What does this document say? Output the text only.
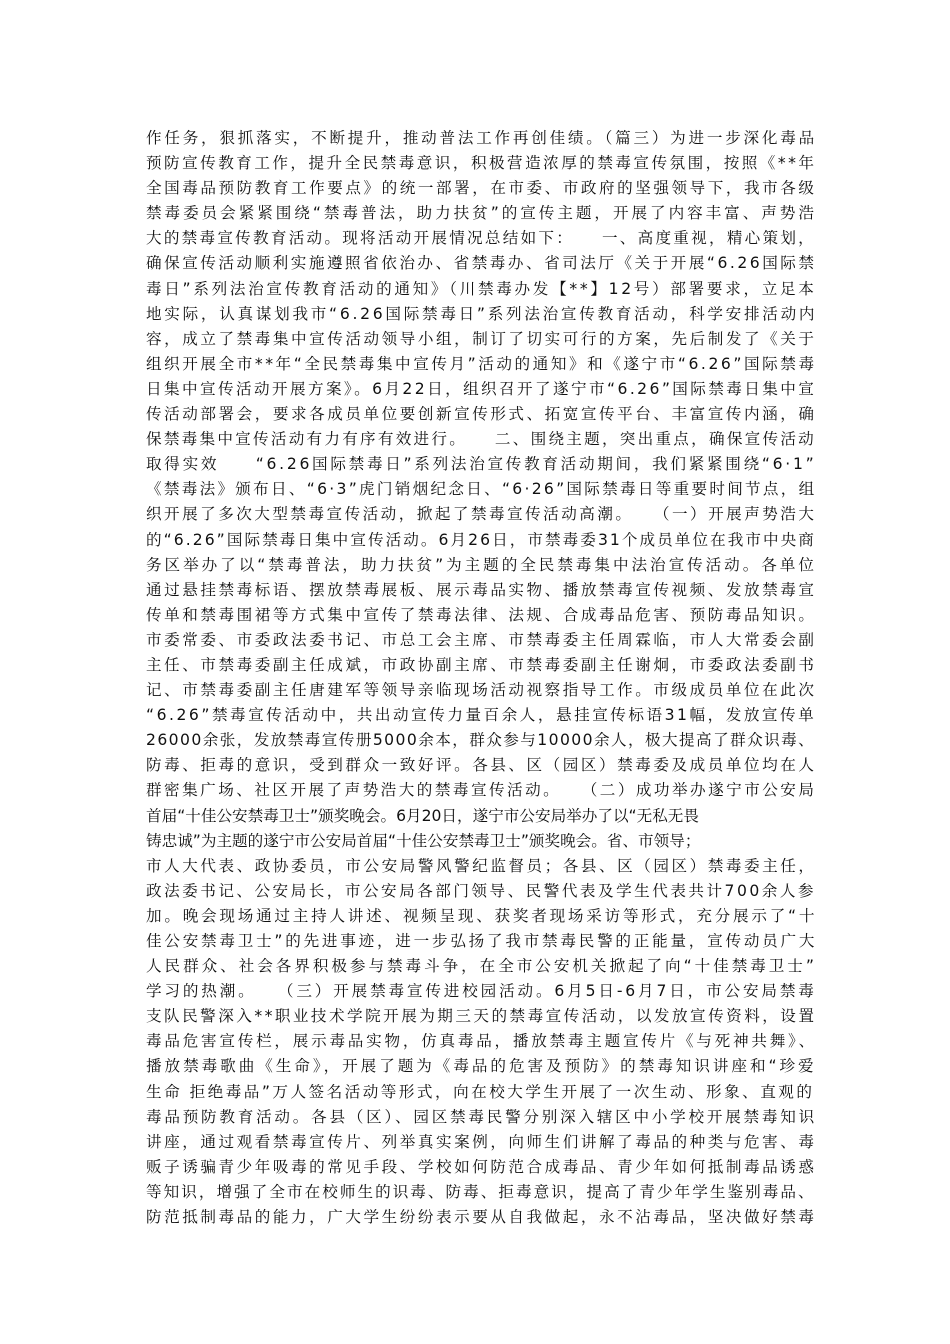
作任务，狠抓落实，不断提升，推动普法工作再创佳绩。（篇三）为进一步深化毒品
预防宣传教育工作，提升全民禁毒意识，积极营造浓厚的禁毒宣传氛围，按照《**年
全国毒品预防教育工作要点》的统一部署，在市委、市政府的坚强领导下，我市各级
禁毒委员会紧紧围绕“禁毒普法，助力扶贫”的宣传主题，开展了内容丰富、声势浩
大的禁毒宣传教育活动。现将活动开展情况总结如下：　　一、高度重视，精心策划，
确保宣传活动顺利实施遵照省依治办、省禁毒办、省司法厅《关于开展“6.26国际禁
毒日”系列法治宣传教育活动的通知》（川禁毒办发【**】12号）部署要求，立足本
地实际，认真谋划我市“6.26国际禁毒日”系列法治宣传教育活动，科学安排活动内
容，成立了禁毒集中宣传活动领导小组，制订了切实可行的方案，先后制发了《关于
组织开展全市**年“全民禁毒集中宣传月”活动的通知》和《遂宁市“6.26”国际禁毒
日集中宣传活动开展方案》。6月22日，组织召开了遂宁市“6.26”国际禁毒日集中宣
传活动部署会，要求各成员单位要创新宣传形式、拓宽宣传平台、丰富宣传内涵，确
保禁毒集中宣传活动有力有序有效进行。　　二、围绕主题，突出重点，确保宣传活动
取得实效　　“6.26国际禁毒日”系列法治宣传教育活动期间，我们紧紧围绕“6·1”
《禁毒法》颁布日、“6·3”虎门销烟纪念日、“6·26”国际禁毒日等重要时间节点，组
织开展了多次大型禁毒宣传活动，掀起了禁毒宣传活动高潮。　　（一）开展声势浩大
的“6.26”国际禁毒日集中宣传活动。6月26日，市禁毒委31个成员单位在我市中央商
务区举办了以“禁毒普法，助力扶贫”为主题的全民禁毒集中法治宣传活动。各单位
通过悬挂禁毒标语、摆放禁毒展板、展示毒品实物、播放禁毒宣传视频、发放禁毒宣
传单和禁毒围裙等方式集中宣传了禁毒法律、法规、合成毒品危害、预防毒品知识。
市委常委、市委政法委书记、市总工会主席、市禁毒委主任周霖临，市人大常委会副
主任、市禁毒委副主任成斌，市政协副主席、市禁毒委副主任谢炯，市委政法委副书
记、市禁毒委副主任唐建军等领导亲临现场活动视察指导工作。市级成员单位在此次
“6.26”禁毒宣传活动中，共出动宣传力量百余人，悬挂宣传标语31幅，发放宣传单
26000余张，发放禁毒宣传册5000余本，群众参与10000余人，极大提高了群众识毒、
防毒、拒毒的意识，受到群众一致好评。各县、区（园区）禁毒委及成员单位均在人
群密集广场、社区开展了声势浩大的禁毒宣传活动。　　（二）成功举办遂宁市公安局
首届“十佳公安禁毒卫士”颁奖晚会。6月20日，遂宁市公安局举办了以“无私无畏
铸忠诚”为主题的遂宁市公安局首届“十佳公安禁毒卫士”颁奖晚会。省、市领导；
市人大代表、政协委员，市公安局警风警纪监督员；各县、区（园区）禁毒委主任，
政法委书记、公安局长，市公安局各部门领导、民警代表及学生代表共计700余人参
加。晚会现场通过主持人讲述、视频呈现、获奖者现场采访等形式，充分展示了“十
佳公安禁毒卫士”的先进事迹，进一步弘扬了我市禁毒民警的正能量，宣传动员广大
人民群众、社会各界积极参与禁毒斗争，在全市公安机关掀起了向“十佳禁毒卫士”
学习的热潮。　　（三）开展禁毒宣传进校园活动。6月5日-6月7日，市公安局禁毒
支队民警深入**职业技术学院开展为期三天的禁毒宣传活动，以发放宣传资料，设置
毒品危害宣传栏，展示毒品实物，仿真毒品，播放禁毒主题宣传片《与死神共舞》、
播放禁毒歌曲《生命》，开展了题为《毒品的危害及预防》的禁毒知识讲座和“珍爱
生命 拒绝毒品”万人签名活动等形式，向在校大学生开展了一次生动、形象、直观的
毒品预防教育活动。各县（区）、园区禁毒民警分别深入辖区中小学校开展禁毒知识
讲座，通过观看禁毒宣传片、列举真实案例，向师生们讲解了毒品的种类与危害、毒
贩子诱骗青少年吸毒的常见手段、学校如何防范合成毒品、青少年如何抵制毒品诱惑
等知识，增强了全市在校师生的识毒、防毒、拒毒意识，提高了青少年学生鉴别毒品、
防范抵制毒品的能力，广大学生纷纷表示要从自我做起，永不沾毒品，坚决做好禁毒
